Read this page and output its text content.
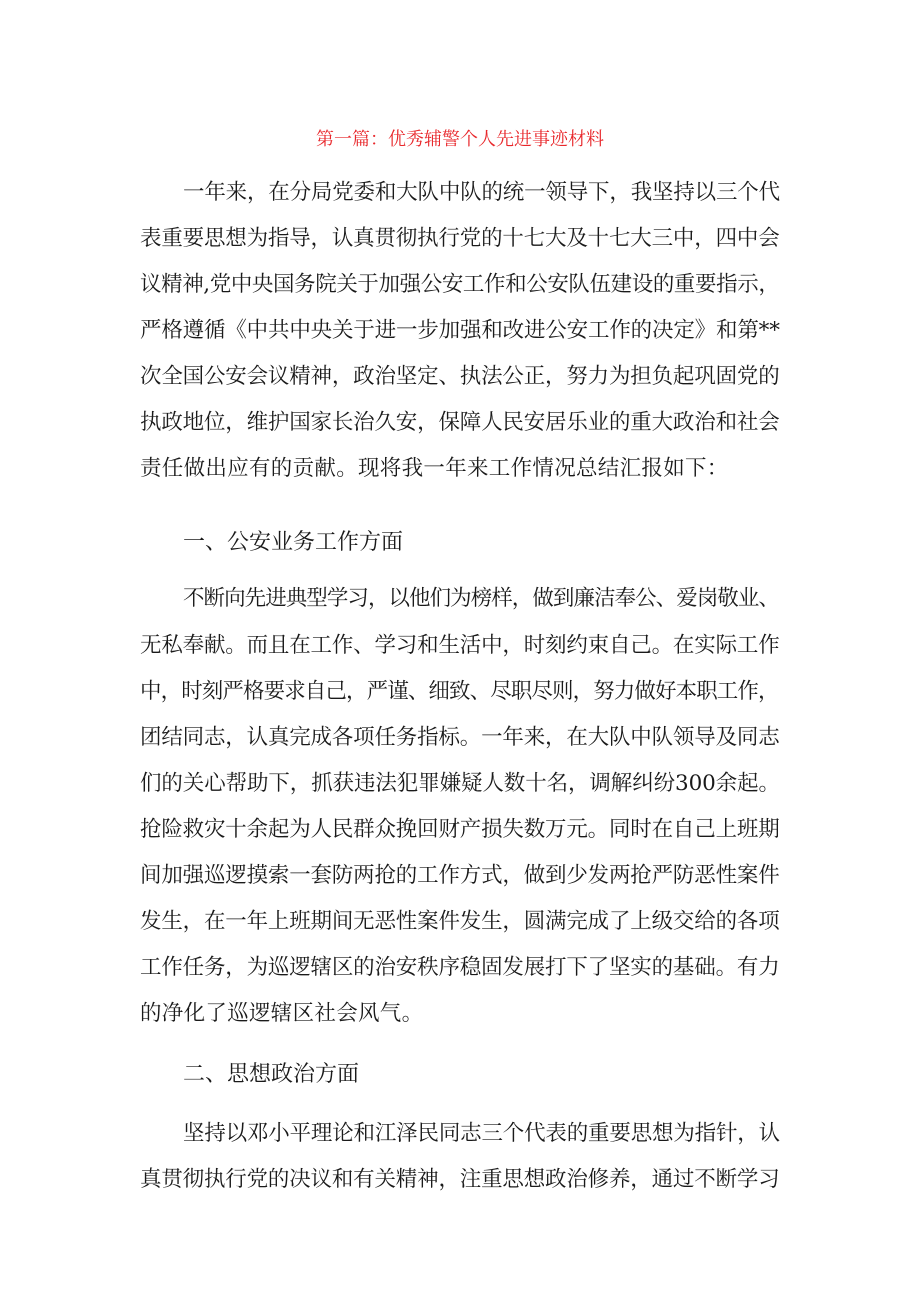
第一篇：优秀辅警个人先进事迹材料
一年来，在分局党委和大队中队的统一领导下，我坚持以三个代
表重要思想为指导，认真贯彻执行党的十七大及十七大三中，四中会
议精神,党中央国务院关于加强公安工作和公安队伍建设的重要指示，
严格遵循《中共中央关于进一步加强和改进公安工作的决定》和第**
次全国公安会议精神，政治坚定、执法公正，努力为担负起巩固党的
执政地位，维护国家长治久安，保障人民安居乐业的重大政治和社会
责任做出应有的贡献。现将我一年来工作情况总结汇报如下：
一、公安业务工作方面
不断向先进典型学习，以他们为榜样，做到廉洁奉公、爱岗敬业、
无私奉献。而且在工作、学习和生活中，时刻约束自己。在实际工作
中，时刻严格要求自己，严谨、细致、尽职尽则，努力做好本职工作，
团结同志，认真完成各项任务指标。一年来，在大队中队领导及同志
们的关心帮助下，抓获违法犯罪嫌疑人数十名，调解纠纷300余起。
抢险救灾十余起为人民群众挽回财产损失数万元。同时在自己上班期
间加强巡逻摸索一套防两抢的工作方式，做到少发两抢严防恶性案件
发生，在一年上班期间无恶性案件发生，圆满完成了上级交给的各项
工作任务，为巡逻辖区的治安秩序稳固发展打下了坚实的基础。有力
的净化了巡逻辖区社会风气。
二、思想政治方面
坚持以邓小平理论和江泽民同志三个代表的重要思想为指针，认
真贯彻执行党的决议和有关精神，注重思想政治修养，通过不断学习
